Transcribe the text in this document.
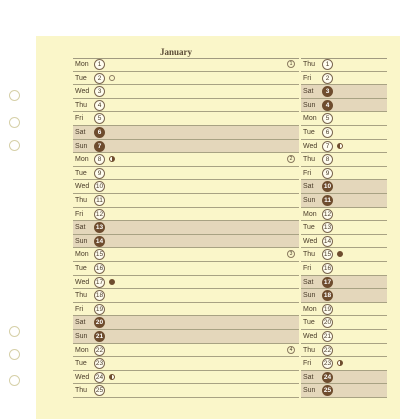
January

Mon	1	1
Tue	2
Wed	3
Thu	4
Fri	5
Sat	6
Sun	7
Mon	8	2
Tue	9
Wed 10
Thu	11
Fri 12
Sat 13
Sun 14
Mon 15	3
Tue 16
Wed 17
Thu 18
Fri 19
Sat 20
Sun 21
Mon 22	4
Tue 23
Wed 24
Thu 25
Thu	1
Fri	2
Sat	3
Sun	4
Mon	5
Tue	6
Wed	7
Thu	8
Fri	9
Sat 10
Sun	11
Mon 12
Tue 13
Wed 14
Thu 15
Fri 16
Sat 17
Sun 18
Mon 19
Tue 20
Wed 21
Thu 22
Fri 23
Sat 24
Sun 25
